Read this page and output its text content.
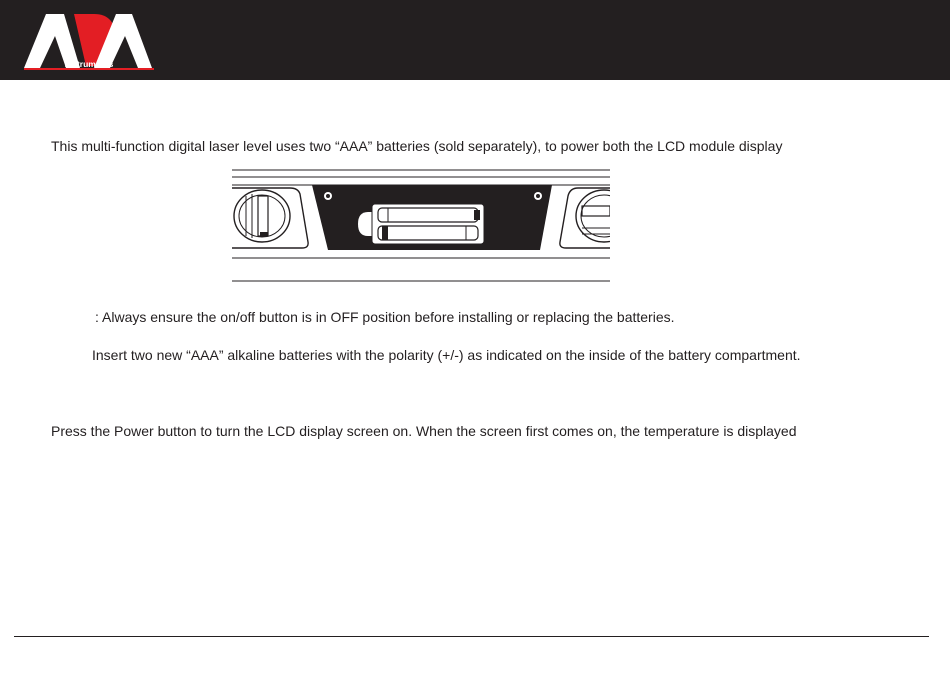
instruments
This multi-function digital laser level uses two “AAA” batteries (sold separately), to power both the LCD module display
: Always ensure the on/off button is in OFF position before installing or replacing the batteries.
Insert two new “AAA” alkaline batteries with the polarity (+/-) as indicated on the inside of the battery compartment.
Press the Power button to turn the LCD display screen on. When the screen first comes on, the temperature is displayed
